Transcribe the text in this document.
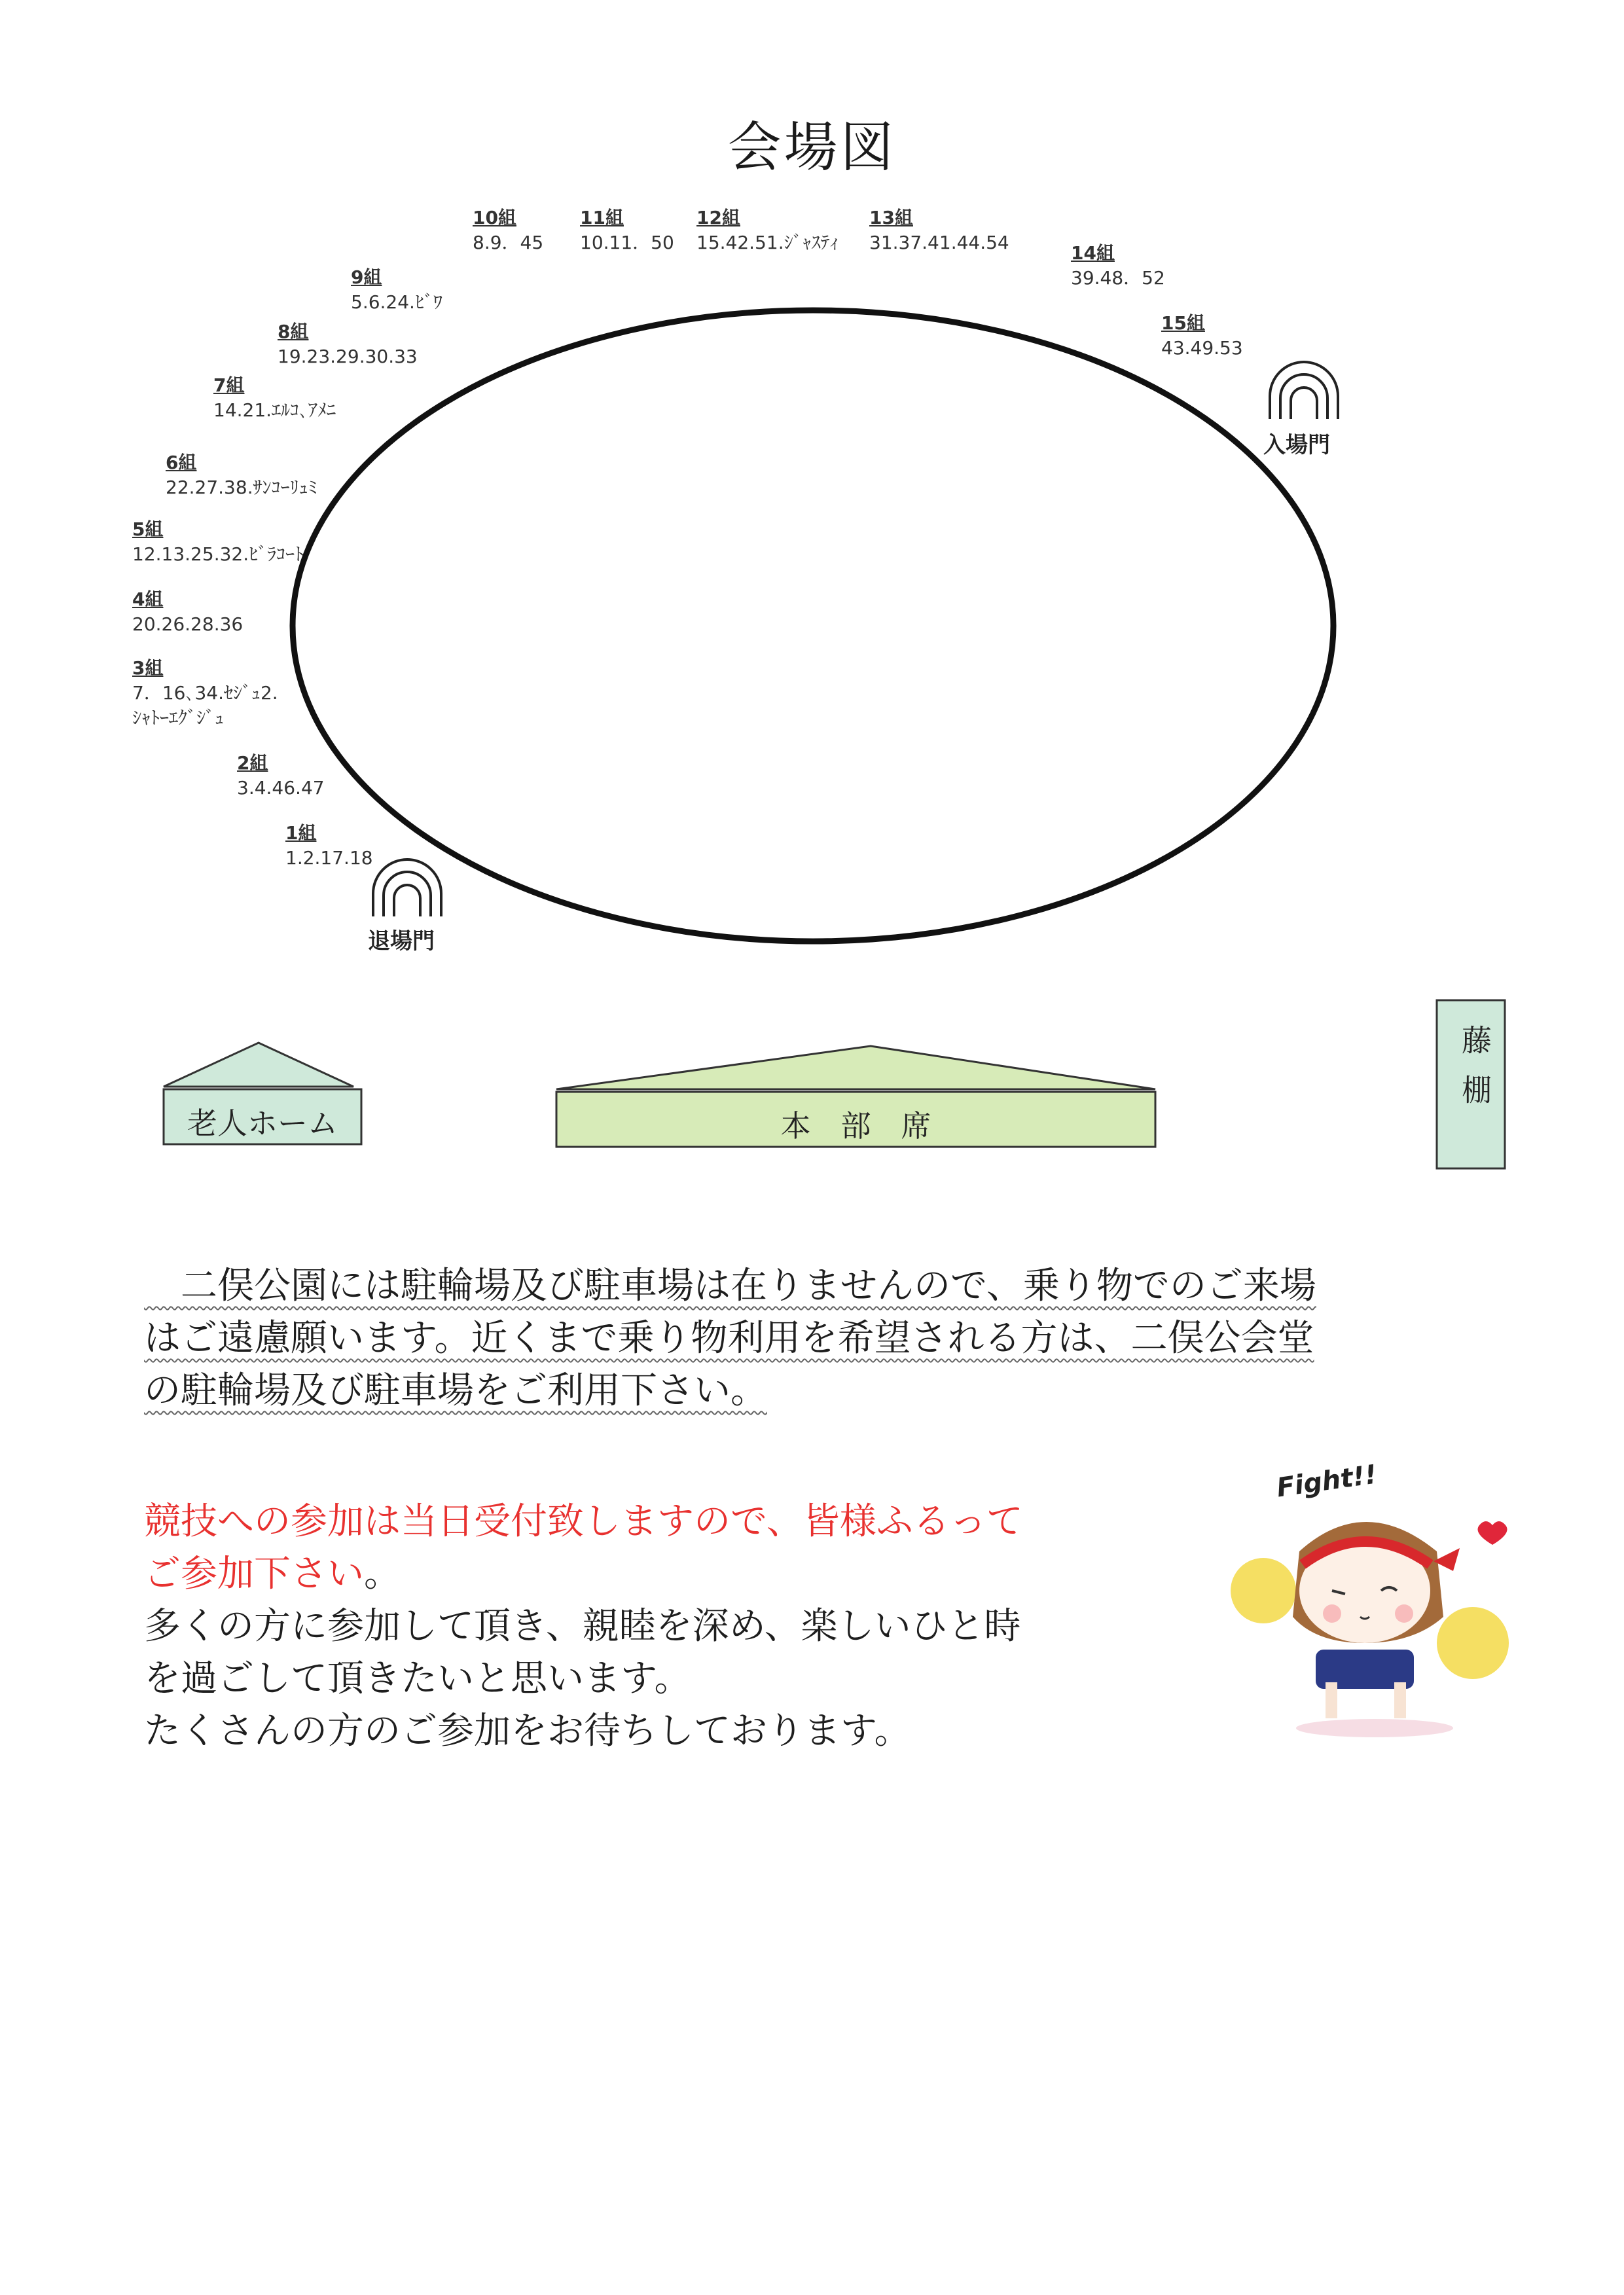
会場図
1組
1.2.17.18
2組
3.4.46.47
3組
7．16､34.ｾｼﾞｭ2.
ｼｬﾄｰｴｸﾞｼﾞｭ
4組
20.26.28.36
5組
12.13.25.32.ﾋﾞﾗｺｰﾄ
6組
22.27.38.ｻﾝｺｰﾘｭﾐ
7組
14.21.ｴﾙｺ､ｱﾒﾆ
8組
19.23.29.30.33
9組
5.6.24.ﾋﾞﾜ
10組
8.9．45
11組
10.11．50
12組
15.42.51.ｼﾞｬｽﾃｨ
13組
31.37.41.44.54	14組
39.48．52
15組
43.49.53
入場門
退場門
老人ホーム	本　部　席
藤棚
　二俣公園には駐輪場及び駐車場は在りませんので、乗り物でのご来場
はご遠慮願います。近くまで乗り物利用を希望される方は、二俣公会堂
の駐輪場及び駐車場をご利用下さい。
競技への参加は当日受付致しますので、皆様ふるって
ご参加下さい。
多くの方に参加して頂き、親睦を深め、楽しいひと時
を過ごして頂きたいと思います。
たくさんの方のご参加をお待ちしております。
Fight!!
